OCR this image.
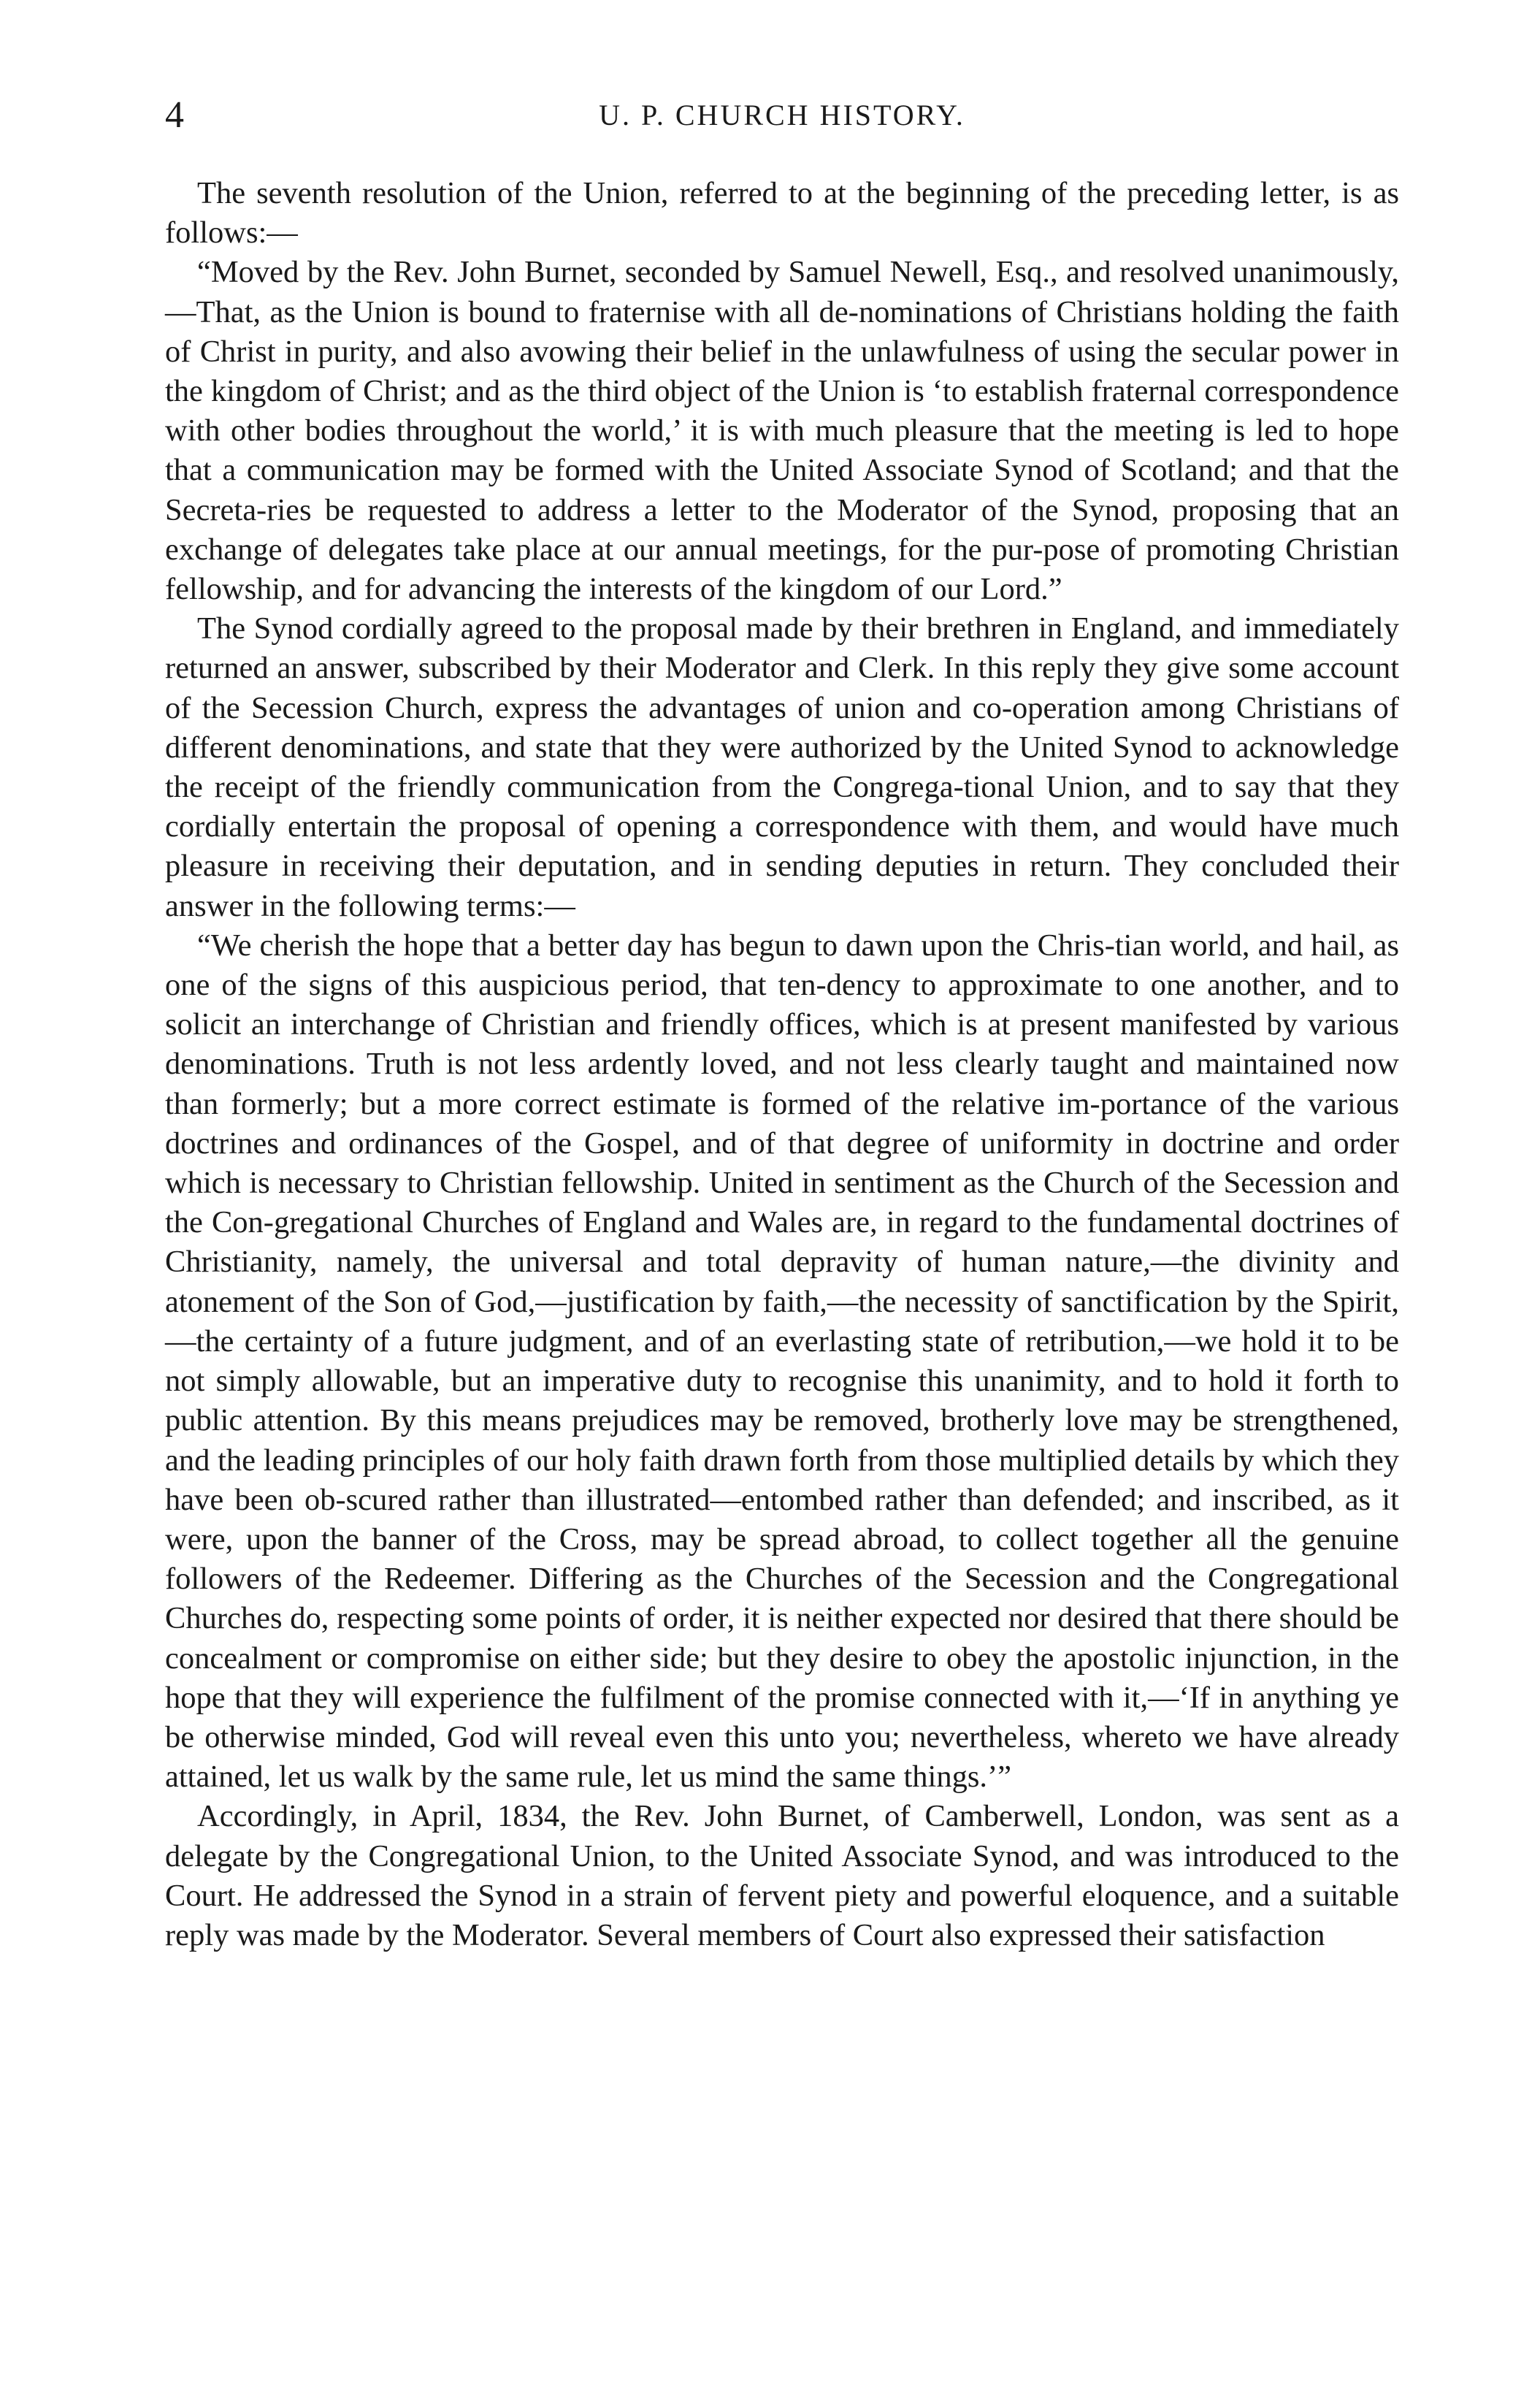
4	U. P. CHURCH HISTORY.

The seventh resolution of the Union, referred to at the beginning of the preceding letter, is as follows:—

“Moved by the Rev. John Burnet, seconded by Samuel Newell, Esq., and resolved unanimously,—That, as the Union is bound to fraternise with all de-nominations of Christians holding the faith of Christ in purity, and also avowing their belief in the unlawfulness of using the secular power in the kingdom of Christ; and as the third object of the Union is ‘to establish fraternal correspondence with other bodies throughout the world,’ it is with much pleasure that the meeting is led to hope that a communication may be formed with the United Associate Synod of Scotland; and that the Secreta-ries be requested to address a letter to the Moderator of the Synod, proposing that an exchange of delegates take place at our annual meetings, for the pur-pose of promoting Christian fellowship, and for advancing the interests of the kingdom of our Lord.”

The Synod cordially agreed to the proposal made by their brethren in England, and immediately returned an answer, subscribed by their Moderator and Clerk. In this reply they give some account of the Secession Church, express the advantages of union and co-operation among Christians of different denominations, and state that they were authorized by the United Synod to acknowledge the receipt of the friendly communication from the Congrega-tional Union, and to say that they cordially entertain the proposal of opening a correspondence with them, and would have much pleasure in receiving their deputation, and in sending deputies in return. They concluded their answer in the following terms:—

“We cherish the hope that a better day has begun to dawn upon the Chris-tian world, and hail, as one of the signs of this auspicious period, that ten-dency to approximate to one another, and to solicit an interchange of Christian and friendly offices, which is at present manifested by various denominations. Truth is not less ardently loved, and not less clearly taught and maintained now than formerly; but a more correct estimate is formed of the relative im-portance of the various doctrines and ordinances of the Gospel, and of that degree of uniformity in doctrine and order which is necessary to Christian fellowship. United in sentiment as the Church of the Secession and the Con-gregational Churches of England and Wales are, in regard to the fundamental doctrines of Christianity, namely, the universal and total depravity of human nature,—the divinity and atonement of the Son of God,—justification by faith,—the necessity of sanctification by the Spirit,—the certainty of a future judgment, and of an everlasting state of retribution,—we hold it to be not simply allowable, but an imperative duty to recognise this unanimity, and to hold it forth to public attention. By this means prejudices may be removed, brotherly love may be strengthened, and the leading principles of our holy faith drawn forth from those multiplied details by which they have been ob-scured rather than illustrated—entombed rather than defended; and inscribed, as it were, upon the banner of the Cross, may be spread abroad, to collect together all the genuine followers of the Redeemer. Differing as the Churches of the Secession and the Congregational Churches do, respecting some points of order, it is neither expected nor desired that there should be concealment or compromise on either side; but they desire to obey the apostolic injunction, in the hope that they will experience the fulfilment of the promise connected with it,—‘If in anything ye be otherwise minded, God will reveal even this unto you; nevertheless, whereto we have already attained, let us walk by the same rule, let us mind the same things.’”

Accordingly, in April, 1834, the Rev. John Burnet, of Camberwell, London, was sent as a delegate by the Congregational Union, to the United Associate Synod, and was introduced to the Court. He addressed the Synod in a strain of fervent piety and powerful eloquence, and a suitable reply was made by the Moderator. Several members of Court also expressed their satisfaction
